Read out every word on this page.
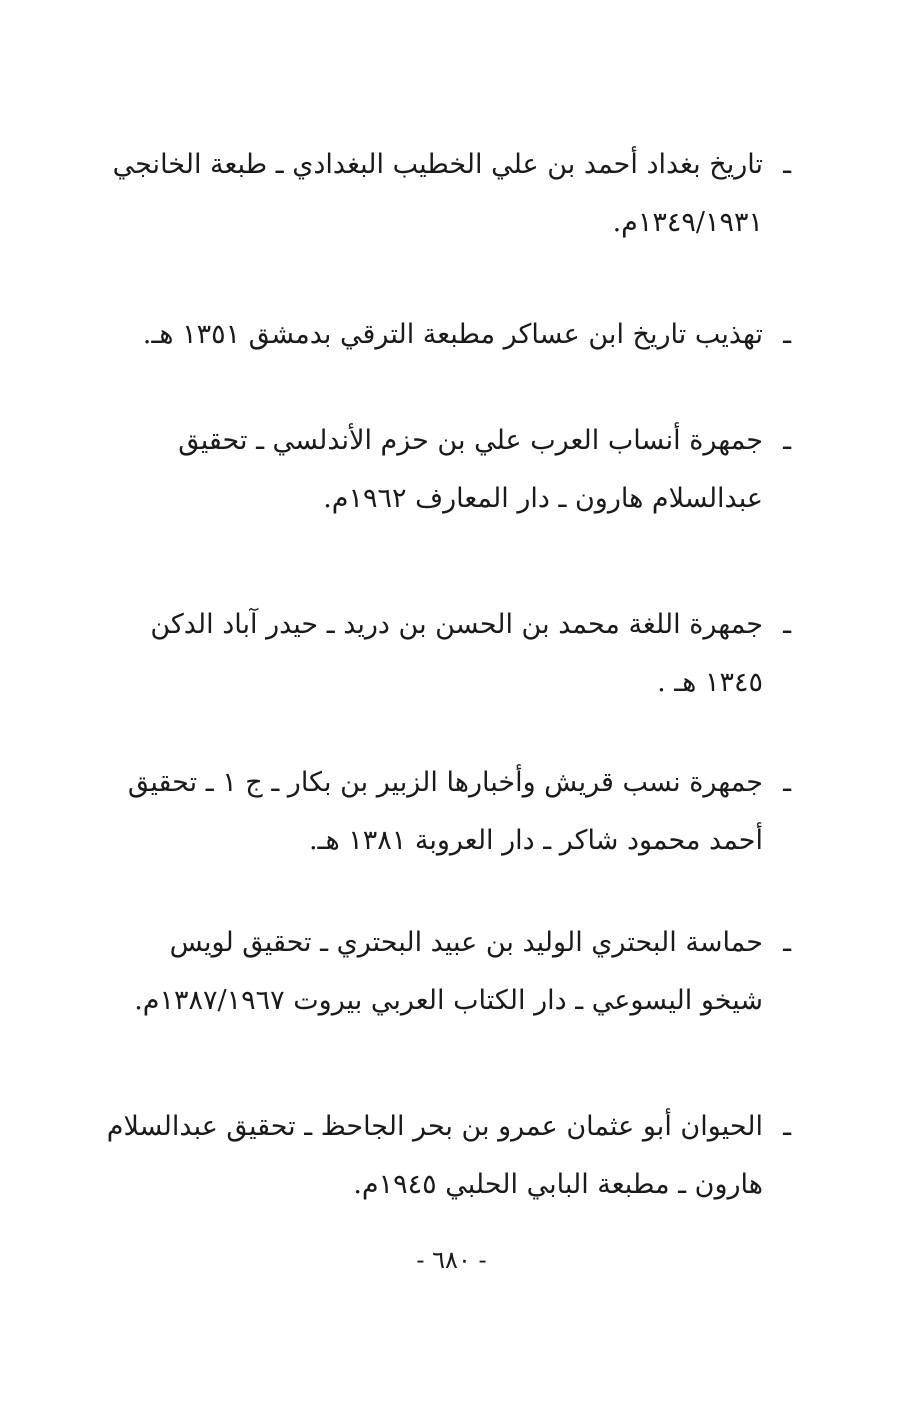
ـ
تاريخ بغداد أحمد بن علي الخطيب البغدادي ـ طبعة الخانجي
١٣٤٩/١٩٣١م.
ـ
تهذيب تاريخ ابن عساكر مطبعة الترقي بدمشق ١٣٥١ هـ.
ـ
جمهرة أنساب العرب علي بن حزم الأندلسي ـ تحقيق
عبدالسلام هارون ـ دار المعارف ١٩٦٢م.
ـ
جمهرة اللغة محمد بن الحسن بن دريد ـ حيدر آباد الدكن
١٣٤٥ هـ .
ـ
جمهرة نسب قريش وأخبارها الزبير بن بكار ـ ج ١ ـ تحقيق
أحمد محمود شاكر ـ دار العروبة ١٣٨١ هـ.
ـ
حماسة البحتري الوليد بن عبيد البحتري ـ تحقيق لويس
شيخو اليسوعي ـ دار الكتاب العربي بيروت ١٣٨٧/١٩٦٧م.
ـ
الحيوان أبو عثمان عمرو بن بحر الجاحظ ـ تحقيق عبدالسلام
هارون ـ مطبعة البابي الحلبي ١٩٤٥م.
- ٦٨٠ -
